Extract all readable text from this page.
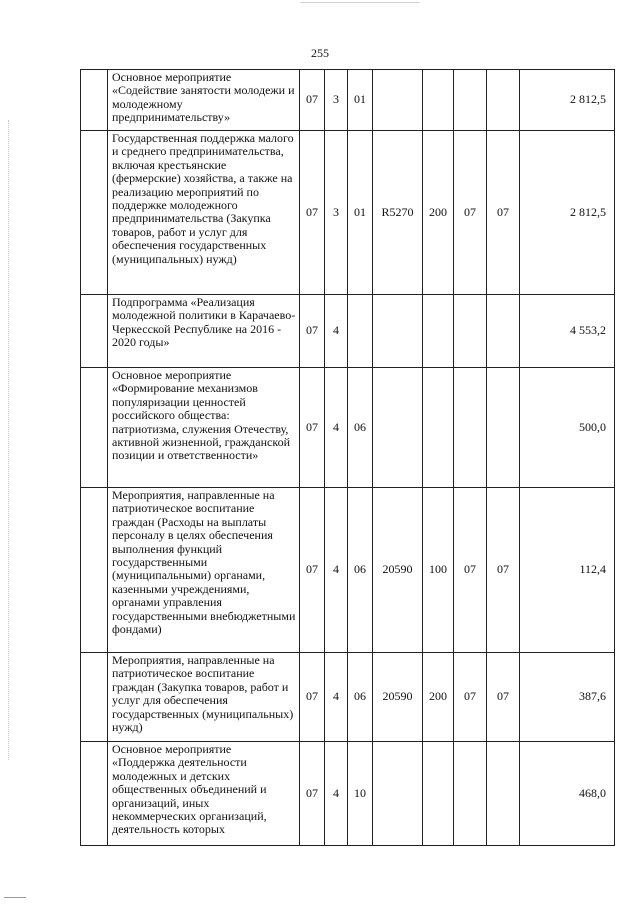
255
	Основное мероприятие «Содействие занятости молодежи и молодежному предпринимательству»	07	3	01					2 812,5
	Государственная поддержка малого и среднего предпринимательства, включая крестьянские (фермерские) хозяйства, а также на реализацию мероприятий по поддержке молодежного предпринимательства (Закупка товаров, работ и услуг для обеспечения государственных (муниципальных) нужд)	07	3	01	R5270	200	07	07	2 812,5
	Подпрограмма «Реализация молодежной политики в Карачаево-Черкесской Республике на 2016 - 2020 годы»	07	4						4 553,2
	Основное мероприятие «Формирование механизмов популяризации ценностей российского общества: патриотизма, служения Отечеству, активной жизненной, гражданской позиции и ответственности»	07	4	06					500,0
	Мероприятия, направленные на патриотическое воспитание граждан (Расходы на выплаты персоналу в целях обеспечения выполнения функций государственными (муниципальными) органами, казенными учреждениями, органами управления государственными внебюджетными фондами)	07	4	06	20590	100	07	07	112,4
	Мероприятия, направленные на патриотическое воспитание граждан (Закупка товаров, работ и услуг для обеспечения государственных (муниципальных) нужд)	07	4	06	20590	200	07	07	387,6
	Основное мероприятие «Поддержка деятельности молодежных и детских общественных объединений и организаций, иных некоммерческих организаций, деятельность которых	07	4	10					468,0
